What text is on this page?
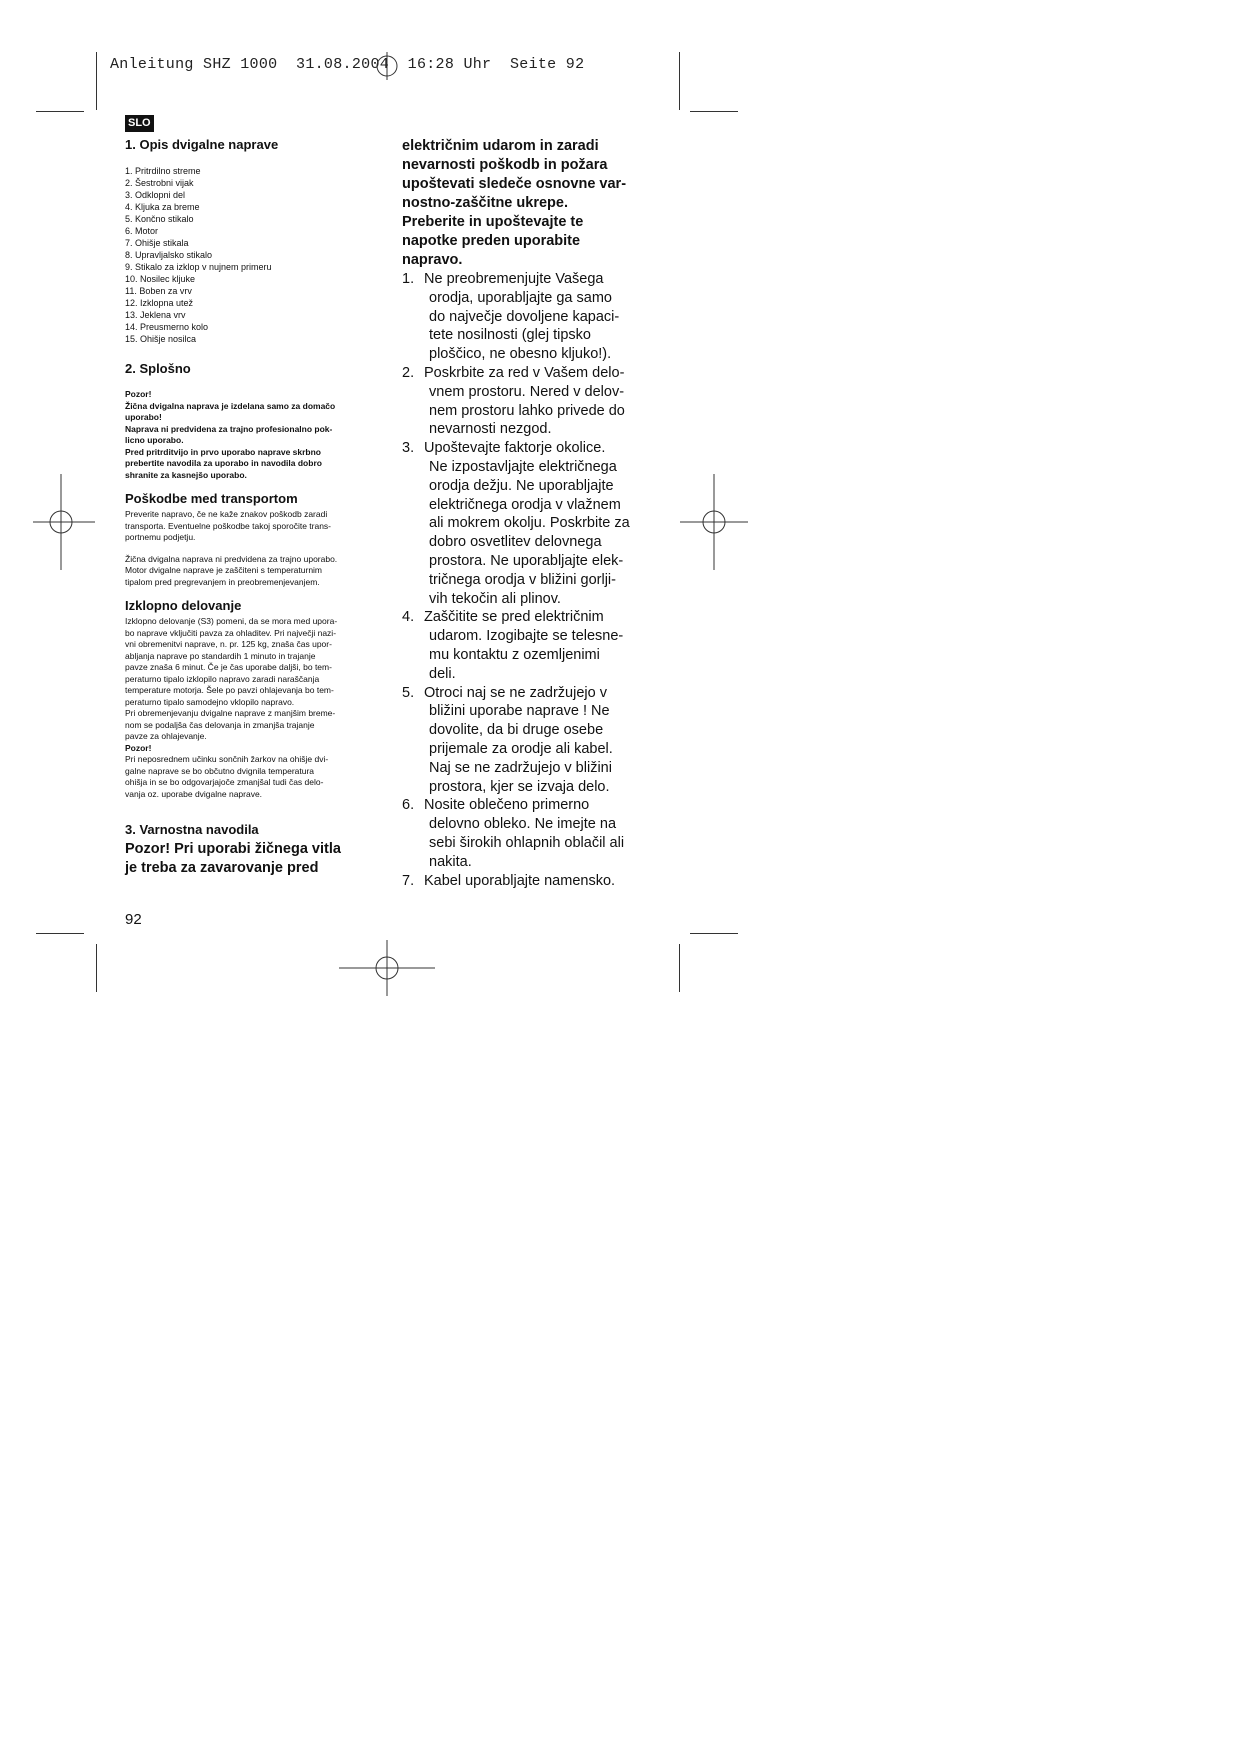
Anleitung SHZ 1000  31.08.2004  16:28 Uhr  Seite 92
SLO
1. Opis dvigalne naprave
1. Pritrdilno streme
2. Šestrobni vijak
3. Odklopni del
4. Kljuka za breme
5. Končno stikalo
6. Motor
7. Ohišje stikala
8. Upravljalsko stikalo
9. Stikalo za izklop v nujnem primeru
10. Nosilec kljuke
11. Boben za vrv
12. Izklopna utež
13. Jeklena vrv
14. Preusmerno kolo
15. Ohišje nosilca
2. Splošno

Pozor!

Žična dvigalna naprava je izdelana samo za domačo

uporabo!

Naprava ni predvidena za trajno profesionalno pok-

licno uporabo.

Pred pritrditvijo in prvo uporabo naprave skrbno

prebertite navodila za uporabo in navodila dobro

shranite za kasnejšo uporabo.

Poškodbe med transportom

Preverite napravo, če ne kaže znakov poškodb zaradi

transporta. Eventuelne poškodbe takoj sporočite trans-

portnemu podjetju.

Žična dvigalna naprava ni predvidena za trajno uporabo.

Motor dvigalne naprave je zaščiteni s temperaturnim

tipalom pred pregrevanjem in preobremenjevanjem.

Izklopno delovanje

Izklopno delovanje (S3) pomeni, da se mora med upora-

bo naprave vključiti pavza za ohladitev. Pri največji nazi-

vni obremenitvi naprave, n. pr. 125 kg, znaša čas upor-

abljanja naprave po standardih 1 minuto in trajanje

pavze znaša 6 minut. Če je čas uporabe daljši, bo tem-

peraturno tipalo izklopilo napravo zaradi naraščanja

temperature motorja. Šele po pavzi ohlajevanja bo tem-

peraturno tipalo samodejno vklopilo napravo.

Pri obremenjevanju dvigalne naprave z manjšim breme-

nom se podaljša čas delovanja in zmanjša trajanje

pavze za ohlajevanje.

Pozor!

Pri neposrednem učinku sončnih žarkov na ohišje dvi-

galne naprave se bo občutno dvignila temperatura

ohišja in se bo odgovarjajoče zmanjšal tudi čas delo-

vanja oz. uporabe dvigalne naprave.

3. Varnostna navodila

Pozor! Pri uporabi žičnega vitla

je treba za zavarovanje pred

električnim udarom in zaradi

nevarnosti poškodb in požara

upoštevati sledeče osnovne var-

nostno-zaščitne ukrepe.

Preberite in upoštevajte te

napotke preden uporabite

napravo.

1. Ne preobremenjujte Vašega
orodja, uporabljajte ga samo
do največje dovoljene kapaci-
tete nosilnosti (glej tipsko
ploščico, ne obesno kljuko!).
2. Poskrbite za red v Vašem delo-
vnem prostoru. Nered v delov-
nem prostoru lahko privede do
nevarnosti nezgod.
3. Upoštevajte faktorje okolice.
Ne izpostavljajte električnega
orodja dežju. Ne uporabljajte
električnega orodja v vlažnem
ali mokrem okolju. Poskrbite za
dobro osvetlitev delovnega
prostora. Ne uporabljajte elek-
tričnega orodja v bližini gorlji-
vih tekočin ali plinov.
4. Zaščitite se pred električnim
udarom. Izogibajte se telesne-
mu kontaktu z ozemljenimi
deli.
5. Otroci naj se ne zadržujejo v
bližini uporabe naprave ! Ne
dovolite, da bi druge osebe
prijemale za orodje ali kabel.
Naj se ne zadržujejo v bližini
prostora, kjer se izvaja delo.
6. Nosite oblečeno primerno
delovno obleko. Ne imejte na
sebi širokih ohlapnih oblačil ali
nakita.
7. Kabel uporabljajte namensko.
92
